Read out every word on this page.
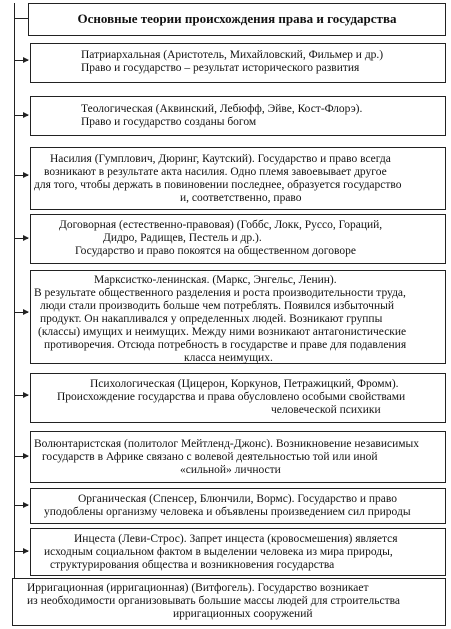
Основные теории происхождения права и государства
Патриархальная (Аристотель, Михайловский, Фильмер и др.)
Право и государство – результат исторического развития
Теологическая (Аквинский, Лебюфф, Эйве, Кост-Флорэ).
Право и государство созданы богом
Насилия (Гумплович, Дюринг, Каутский). Государство и право всегда
возникают в результате акта насилия. Одно племя завоевывает другое
для того, чтобы держать в повиновении последнее, образуется государство
и, соответственно, право
Договорная (естественно-правовая) (Гоббс, Локк, Руссо, Гораций,
Дидро, Радищев, Пестель и др.).
Государство и право покоятся на общественном договоре
Марксистко-ленинская. (Маркс, Энгельс, Ленин).
В результате общественного разделения и роста производительности труда,
люди стали производить больше чем потреблять. Появился избыточный
продукт. Он накапливался у определенных людей. Возникают группы
(классы) имущих и неимущих. Между ними возникают антагонистические
противоречия. Отсюда потребность в государстве и праве для подавления
класса неимущих.
Психологическая (Цицерон, Коркунов, Петражицкий, Фромм).
Происхождение государства и права обусловлено особыми свойствами
человеческой психики
Волюнтаристская (политолог Мейтленд-Джонс). Возникновение независимых
государств в Африке связано с волевой деятельностью той или иной
«сильной» личности
Органическая (Спенсер, Блюнчили, Вормс). Государство и право
уподоблены организму человека и объявлены произведением сил природы
Инцеста (Леви-Строс). Запрет инцеста (кровосмешения) является
исходным социальном фактом в выделении человека из мира природы,
структурирования общества и возникновения государства
Ирригационная (ирригационная) (Витфогель). Государство возникает
из необходимости организовывать большие массы людей для строительства
ирригационных сооружений
